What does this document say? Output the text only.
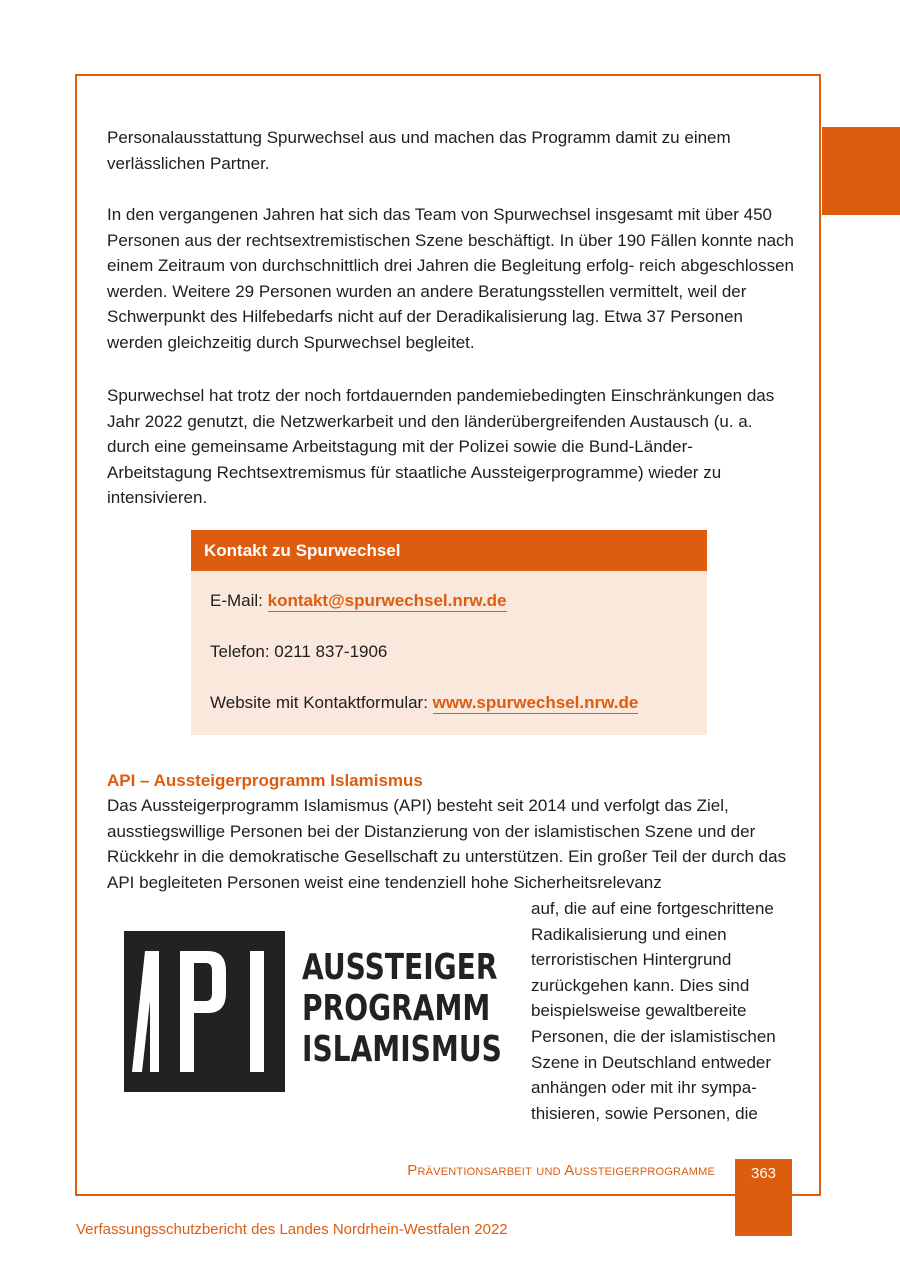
Personalausstattung Spurwechsel aus und machen das Programm damit zu einem verlässlichen Partner.

In den vergangenen Jahren hat sich das Team von Spurwechsel insgesamt mit über 450 Personen aus der rechtsextremistischen Szene beschäftigt. In über 190 Fällen konnte nach einem Zeitraum von durchschnittlich drei Jahren die Begleitung erfolg- reich abgeschlossen werden. Weitere 29 Personen wurden an andere Beratungsstellen vermittelt, weil der Schwerpunkt des Hilfebedarfs nicht auf der Deradikalisierung lag. Etwa 37 Personen werden gleichzeitig durch Spurwechsel begleitet.

Spurwechsel hat trotz der noch fortdauernden pandemiebedingten Einschränkungen das Jahr 2022 genutzt, die Netzwerkarbeit und den länderübergreifenden Austausch (u. a. durch eine gemeinsame Arbeitstagung mit der Polizei sowie die Bund-Länder- Arbeitstagung Rechtsextremismus für staatliche Aussteigerprogramme) wieder zu intensivieren.

Kontakt zu Spurwechsel
E-Mail: kontakt@spurwechsel.nrw.de
Telefon: 0211 837-1906
Website mit Kontaktformular: www.spurwechsel.nrw.de
API – Aussteigerprogramm Islamismus

Das Aussteigerprogramm Islamismus (API) besteht seit 2014 und verfolgt das Ziel, ausstiegswillige Personen bei der Distanzierung von der islamistischen Szene und der Rückkehr in die demokratische Gesellschaft zu unterstützen. Ein großer Teil der durch das API begleiteten Personen weist eine tendenziell hohe Sicherheitsrelevanz

AUSSTEIGER
PROGRAMM
ISLAMISMUS
auf, die auf eine fortgeschrittene
Radikalisierung und einen
terroristischen Hintergrund
zurückgehen kann. Dies sind
beispielsweise gewaltbereite
Personen, die der islamistischen
Szene in Deutschland entweder
anhängen oder mit ihr sympa-
thisieren, sowie Personen, die
Präventionsarbeit und Aussteigerprogramme	363
Verfassungsschutzbericht des Landes Nordrhein-Westfalen 2022
